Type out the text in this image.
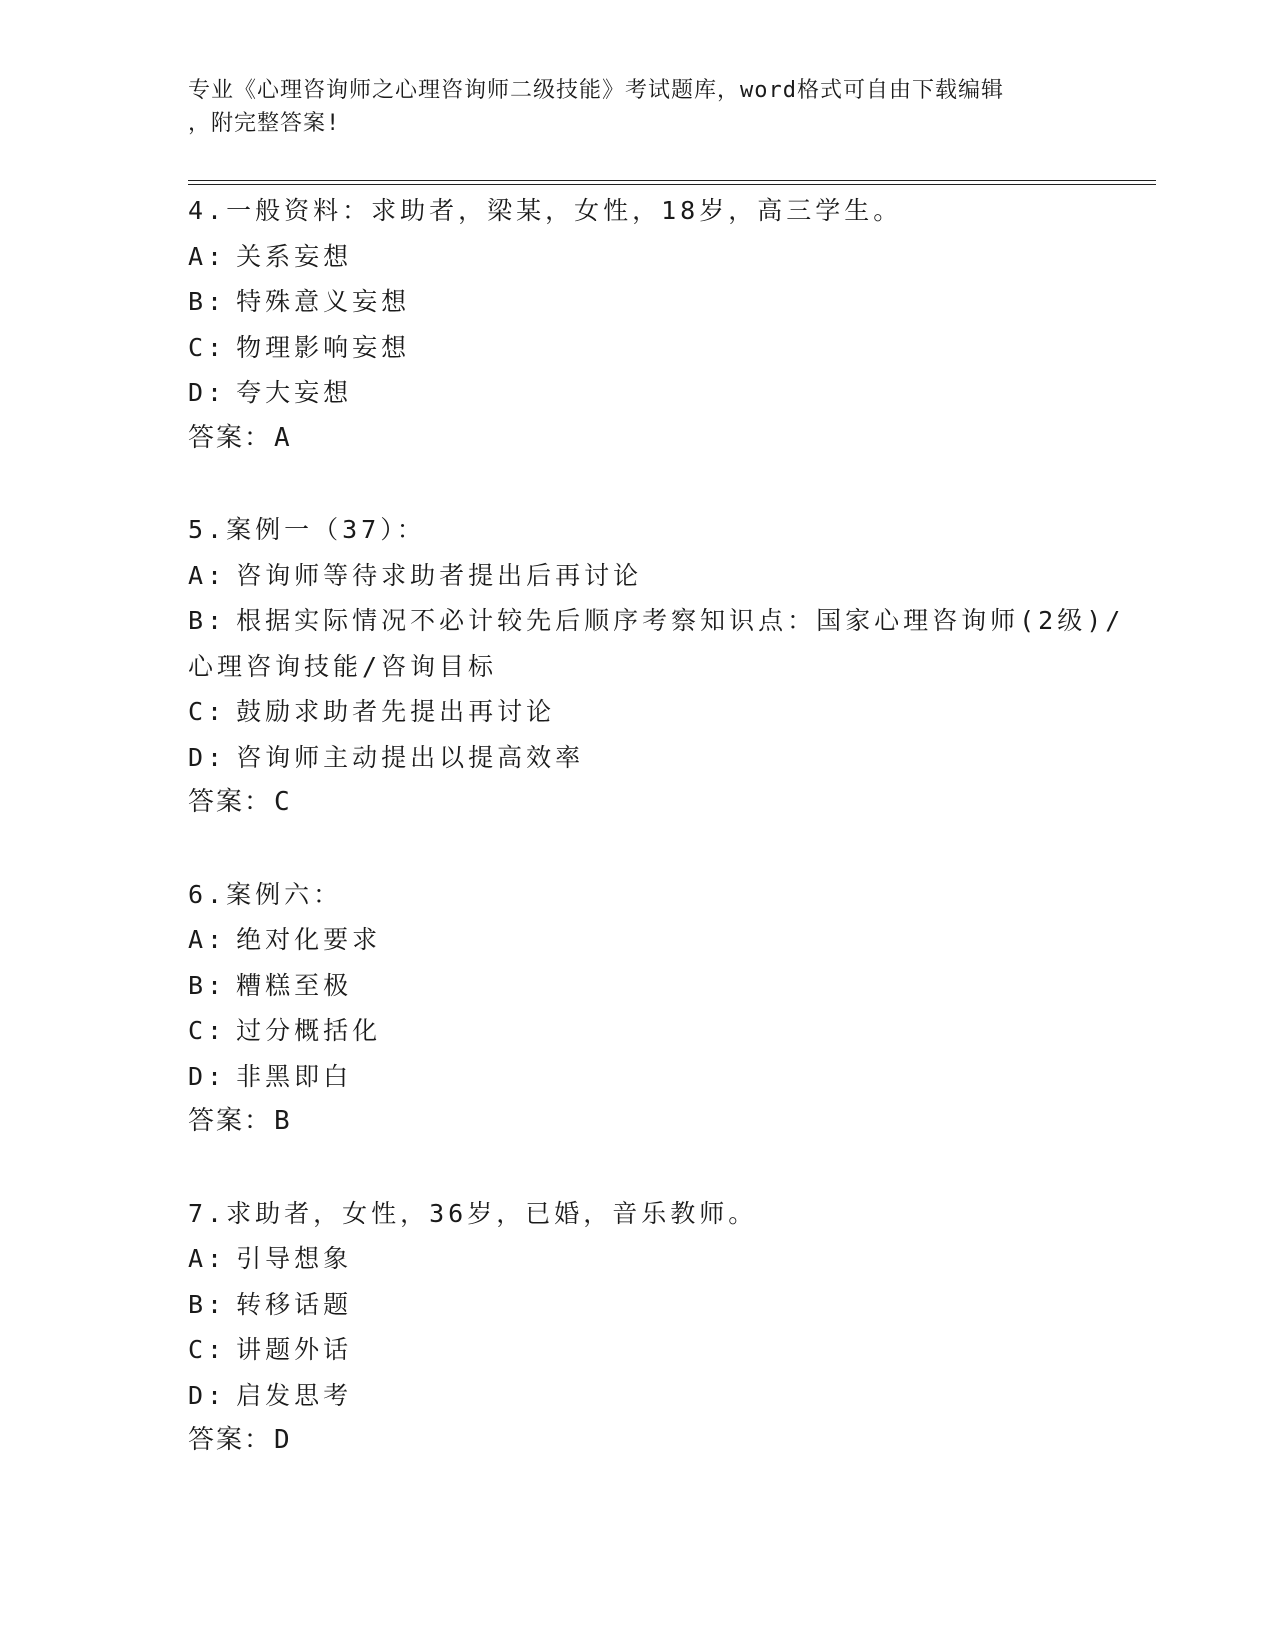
专业《心理咨询师之心理咨询师二级技能》考试题库，word格式可自由下载编辑
，附完整答案!
4.一般资料：求助者，梁某，女性，18岁，高三学生。
A: 关系妄想
B: 特殊意义妄想
C: 物理影响妄想
D: 夸大妄想
答案：A
5.案例一（37）：
A: 咨询师等待求助者提出后再讨论
B: 根据实际情况不必计较先后顺序考察知识点：国家心理咨询师(2级)/心理咨询技能/咨询目标
C: 鼓励求助者先提出再讨论
D: 咨询师主动提出以提高效率
答案：C
6.案例六：
A: 绝对化要求
B: 糟糕至极
C: 过分概括化
D: 非黑即白
答案：B
7.求助者，女性，36岁，已婚，音乐教师。
A: 引导想象
B: 转移话题
C: 讲题外话
D: 启发思考
答案：D
